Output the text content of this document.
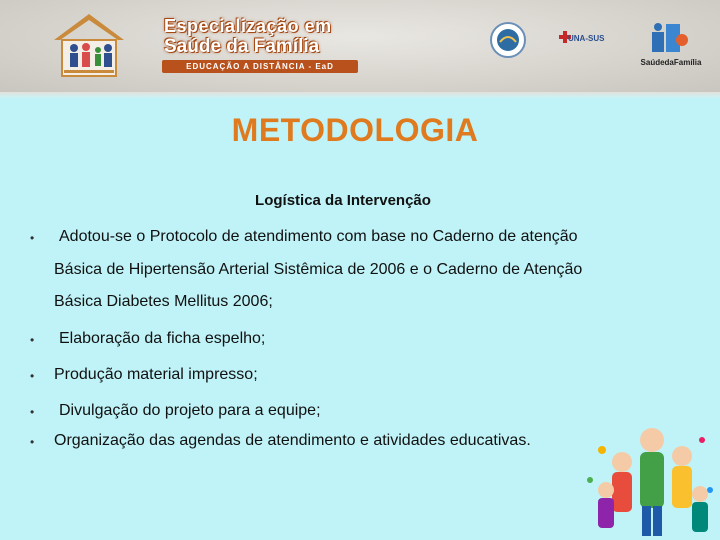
Especialização em
Saúde da Família
EDUCAÇÃO A DISTÂNCIA - EaD
UNA-SUS
SaúdedaFamília
METODOLOGIA
Logística da Intervenção
• Adotou-se o Protocolo de atendimento com base no Caderno de atenção
Básica de Hipertensão Arterial Sistêmica de 2006 e o Caderno de Atenção
Básica Diabetes Mellitus 2006;
• Elaboração da ficha espelho;
• Produção material impresso;
• Divulgação do projeto para a equipe;
• Organização das agendas de atendimento e atividades educativas.
